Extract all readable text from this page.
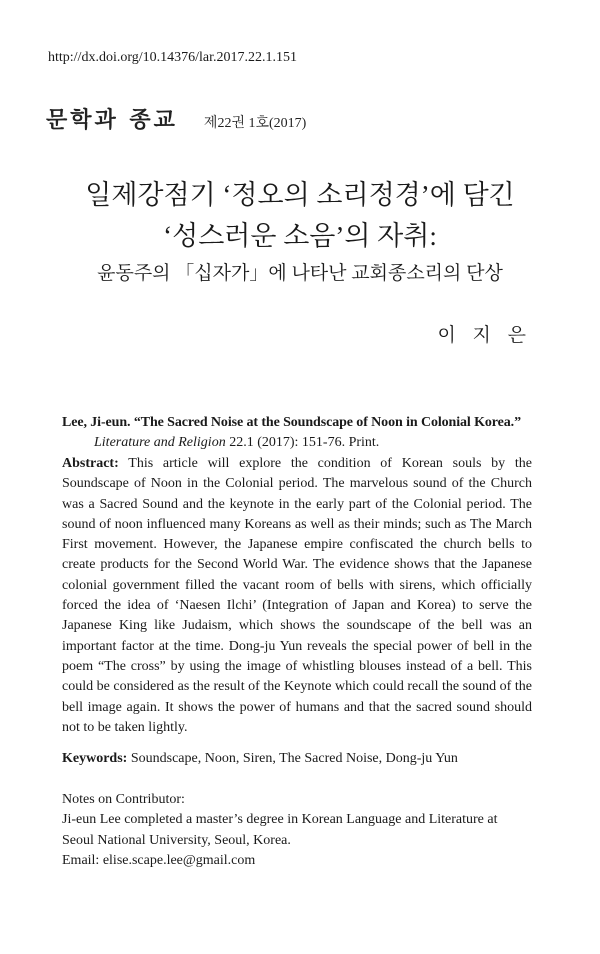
http://dx.doi.org/10.14376/lar.2017.22.1.151
문학과 종교 제22권 1호(2017)
일제강점기 ‘정오의 소리정경’에 담긴
‘성스러운 소음’의 자취:
윤동주의 「십자가」에 나타난 교회종소리의 단상
이 지 은
Lee, Ji-eun. “The Sacred Noise at the Soundscape of Noon in Colonial Korea.”
Literature and Religion 22.1 (2017): 151-76. Print.
Abstract: This article will explore the condition of Korean souls by the Soundscape of Noon in the Colonial period. The marvelous sound of the Church was a Sacred Sound and the keynote in the early part of the Colonial period. The sound of noon influenced many Koreans as well as their minds; such as The March First movement. However, the Japanese empire confiscated the church bells to create products for the Second World War. The evidence shows that the Japanese colonial government filled the vacant room of bells with sirens, which officially forced the idea of ‘Naesen Ilchi’ (Integration of Japan and Korea) to serve the Japanese King like Judaism, which shows the soundscape of the bell was an important factor at the time. Dong-ju Yun reveals the special power of bell in the poem “The cross” by using the image of whistling blouses instead of a bell. This could be considered as the result of the Keynote which could recall the sound of the bell image again. It shows the power of humans and that the sacred sound should not to be taken lightly.
Keywords: Soundscape, Noon, Siren, The Sacred Noise, Dong-ju Yun
Notes on Contributor:
Ji-eun Lee completed a master’s degree in Korean Language and Literature at Seoul National University, Seoul, Korea.
Email: elise.scape.lee@gmail.com
